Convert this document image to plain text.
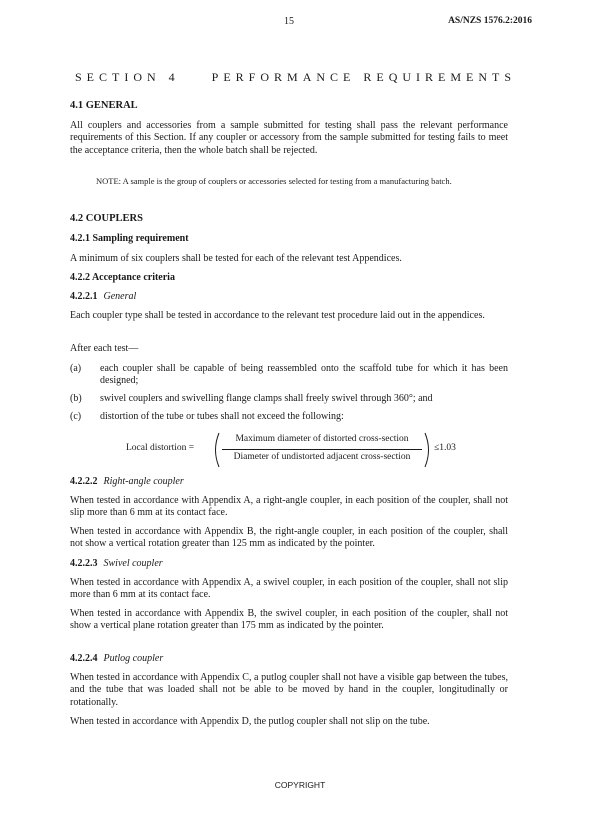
15	AS/NZS 1576.2:2016
SECTION 4    PERFORMANCE REQUIREMENTS
4.1 GENERAL
All couplers and accessories from a sample submitted for testing shall pass the relevant performance requirements of this Section. If any coupler or accessory from the sample submitted for testing fails to meet the acceptance criteria, then the whole batch shall be rejected.
NOTE: A sample is the group of couplers or accessories selected for testing from a manufacturing batch.
4.2 COUPLERS
4.2.1 Sampling requirement
A minimum of six couplers shall be tested for each of the relevant test Appendices.
4.2.2 Acceptance criteria
4.2.2.1 General
Each coupler type shall be tested in accordance to the relevant test procedure laid out in the appendices.
After each test—
(a) each coupler shall be capable of being reassembled onto the scaffold tube for which it has been designed;
(b) swivel couplers and swivelling flange clamps shall freely swivel through 360°; and
(c) distortion of the tube or tubes shall not exceed the following:
Local distortion =
Maximum diameter of distorted cross-section
Diameter of undistorted adjacent cross-section
≤1.03
4.2.2.2 Right-angle coupler
When tested in accordance with Appendix A, a right-angle coupler, in each position of the coupler, shall not slip more than 6 mm at its contact face.
When tested in accordance with Appendix B, the right-angle coupler, in each position of the coupler, shall not show a vertical rotation greater than 125 mm as indicated by the pointer.
4.2.2.3 Swivel coupler
When tested in accordance with Appendix A, a swivel coupler, in each position of the coupler, shall not slip more than 6 mm at its contact face.
When tested in accordance with Appendix B, the swivel coupler, in each position of the coupler, shall not show a vertical plane rotation greater than 175 mm as indicated by the pointer.
4.2.2.4 Putlog coupler
When tested in accordance with Appendix C, a putlog coupler shall not have a visible gap between the tubes, and the tube that was loaded shall not be able to be moved by hand in the coupler, longitudinally or rotationally.
When tested in accordance with Appendix D, the putlog coupler shall not slip on the tube.
COPYRIGHT
